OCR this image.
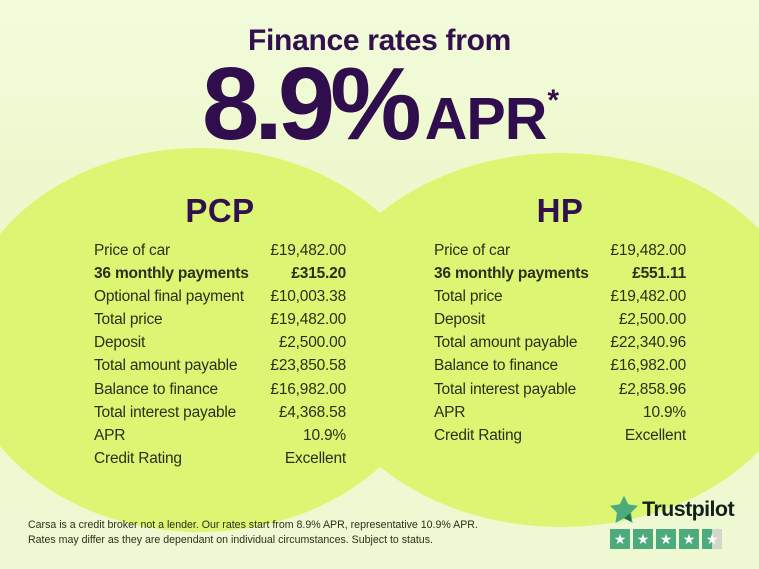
Finance rates from
8.9% APR*
PCP
Price of car	£19,482.00
36 monthly payments	£315.20
Optional final payment £10,003.38
Total price	£19,482.00
Deposit	£2,500.00
Total amount payable £23,850.58
Balance to finance	£16,982.00
Total interest payable	£4,368.58
APR	10.9%
Credit Rating	Excellent
HP
Price of car	£19,482.00
36 monthly payments	£551.11
Total price	£19,482.00
Deposit	£2,500.00
Total amount payable £22,340.96
Balance to finance	£16,982.00
Total interest payable	£2,858.96
APR	10.9%
Credit Rating	Excellent

Carsa is a credit broker not a lender. Our rates start from 8.9% APR, representative 10.9% APR.
Rates may differ as they are dependant on individual circumstances. Subject to status.

Trustpilot
★ ★ ★ ★ ★
